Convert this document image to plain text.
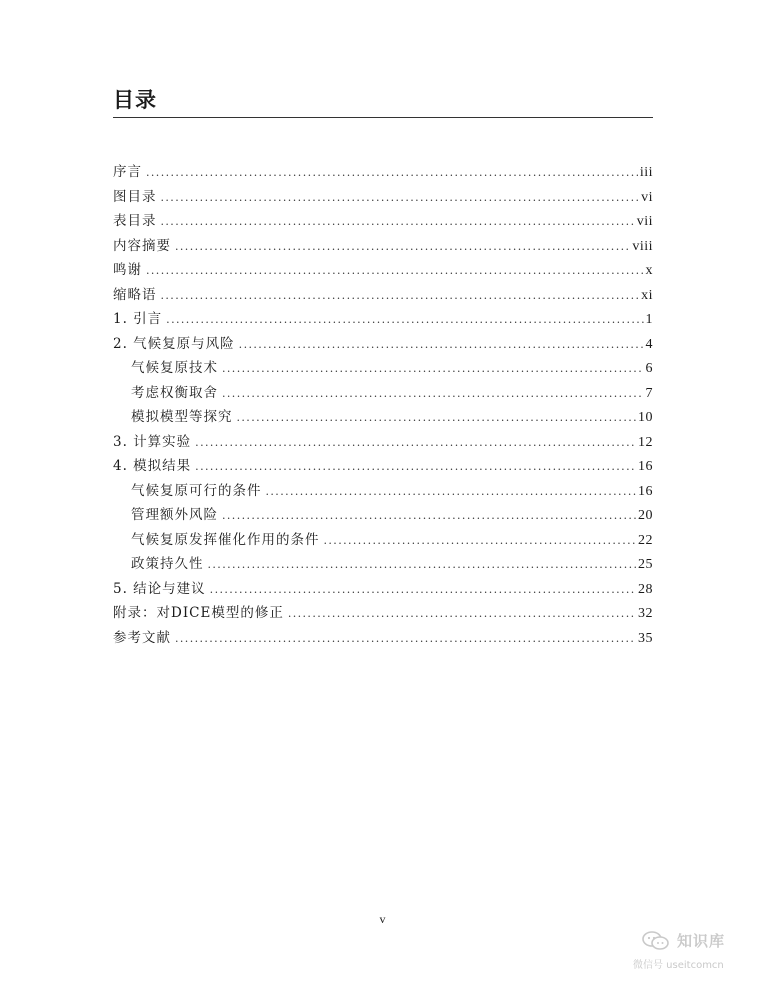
目录
序言 .....	iii
图目录 .....	vi
表目录 .....	vii
内容摘要 .....	viii
鸣谢 .....	x
缩略语 .....	xi
1. 引言 .....	1
2. 气候复原与风险 .....	4
气候复原技术 .....	6
考虑权衡取舍 .....	7
模拟模型等探究 .....	10
3. 计算实验 .....	12
4. 模拟结果 .....	16
气候复原可行的条件 .....	16
管理额外风险 .....	20
气候复原发挥催化作用的条件 .....	22
政策持久性 .....	25
5. 结论与建议 .....	28
附录：对DICE模型的修正 .....	32
参考文献 .....	35
v
知识库
微信号 useitcomcn
